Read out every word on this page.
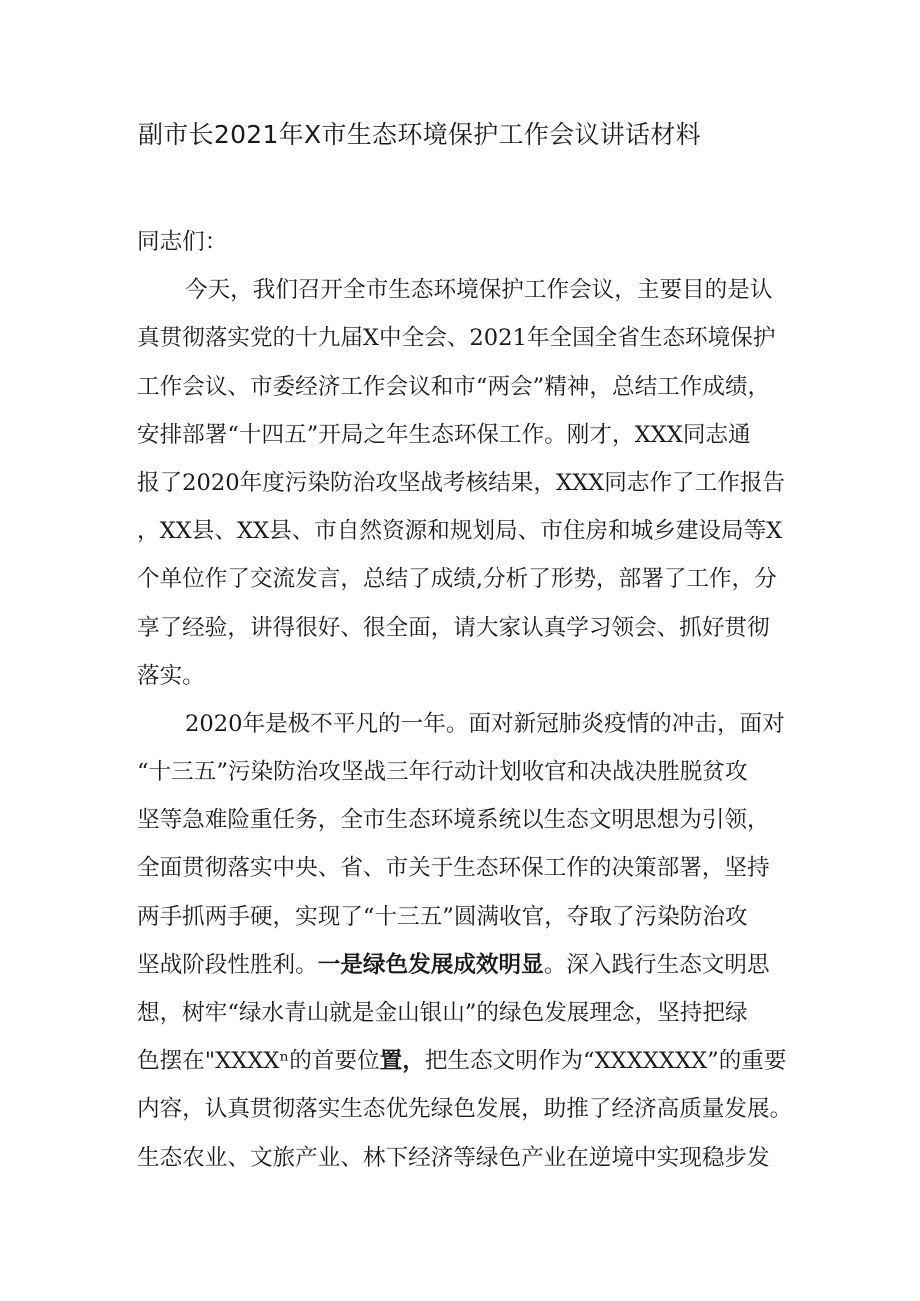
副市长2021年X市生态环境保护工作会议讲话材料
同志们：
今天，我们召开全市生态环境保护工作会议，主要目的是认
真贯彻落实党的十九届X中全会、2021年全国全省生态环境保护
工作会议、市委经济工作会议和市“两会”精神，总结工作成绩，
安排部署“十四五”开局之年生态环保工作。刚才，XXX同志通
报了2020年度污染防治攻坚战考核结果，XXX同志作了工作报告
，XX县、XX县、市自然资源和规划局、市住房和城乡建设局等X
个单位作了交流发言，总结了成绩,分析了形势，部署了工作，分
享了经验，讲得很好、很全面，请大家认真学习领会、抓好贯彻
落实。
2020年是极不平凡的一年。面对新冠肺炎疫情的冲击，面对
“十三五”污染防治攻坚战三年行动计划收官和决战决胜脱贫攻
坚等急难险重任务，全市生态环境系统以生态文明思想为引领，
全面贯彻落实中央、省、市关于生态环保工作的决策部署，坚持
两手抓两手硬，实现了“十三五”圆满收官，夺取了污染防治攻
坚战阶段性胜利。一是绿色发展成效明显。深入践行生态文明思
想，树牢“绿水青山就是金山银山”的绿色发展理念，坚持把绿
色摆在"XXXXⁿ的首要位置，把生态文明作为“XXXXXXX”的重要
内容，认真贯彻落实生态优先绿色发展，助推了经济高质量发展。
生态农业、文旅产业、林下经济等绿色产业在逆境中实现稳步发
